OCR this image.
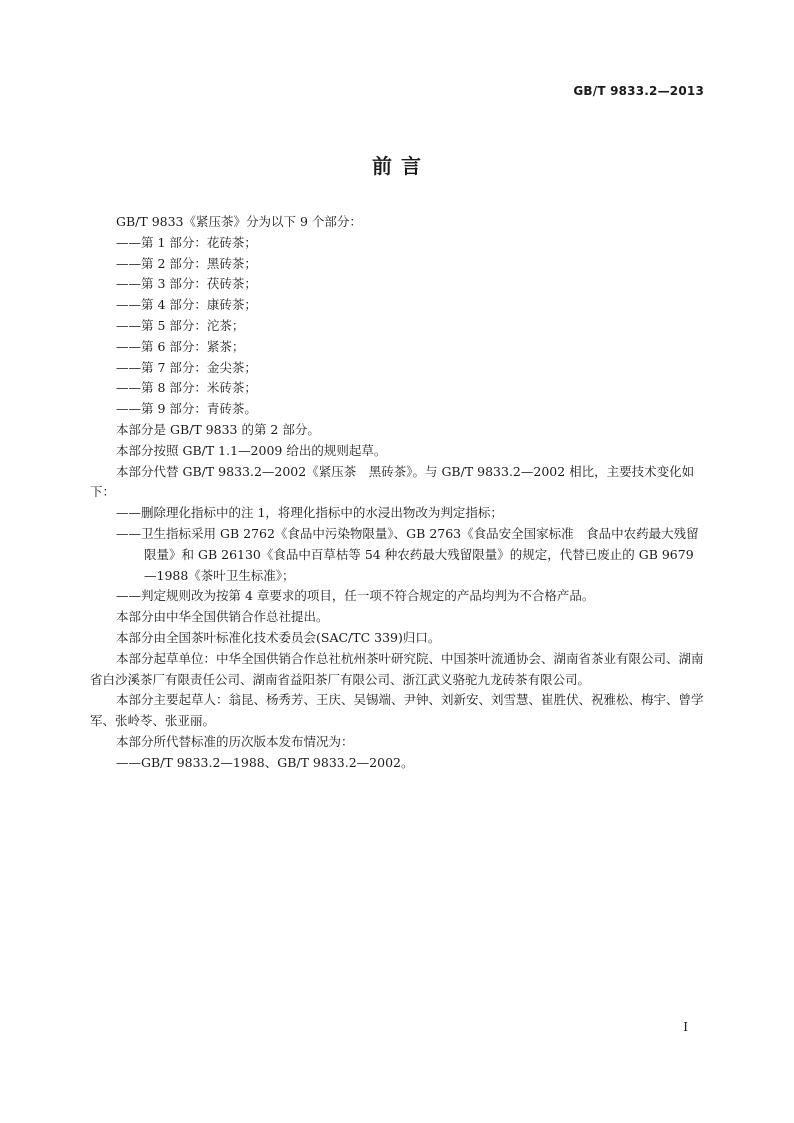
GB/T 9833.2—2013
前 言

GB/T 9833《紧压茶》分为以下 9 个部分：

——第 1 部分：花砖茶；

——第 2 部分：黑砖茶；

——第 3 部分：茯砖茶；

——第 4 部分：康砖茶；

——第 5 部分：沱茶；

——第 6 部分：紧茶；

——第 7 部分：金尖茶；

——第 8 部分：米砖茶；

——第 9 部分：青砖茶。

本部分是 GB/T 9833 的第 2 部分。

本部分按照 GB/T 1.1—2009 给出的规则起草。

本部分代替 GB/T 9833.2—2002《紧压茶　黑砖茶》。与 GB/T 9833.2—2002 相比，主要技术变化如下：

——删除理化指标中的注 1，将理化指标中的水浸出物改为判定指标；

——卫生指标采用 GB 2762《食品中污染物限量》、GB 2763《食品安全国家标准　食品中农药最大残留限量》和 GB 26130《食品中百草枯等 54 种农药最大残留限量》的规定，代替已废止的 GB 9679—1988《茶叶卫生标准》；

——判定规则改为按第 4 章要求的项目，任一项不符合规定的产品均判为不合格产品。

本部分由中华全国供销合作总社提出。

本部分由全国茶叶标准化技术委员会(SAC/TC 339)归口。

本部分起草单位：中华全国供销合作总社杭州茶叶研究院、中国茶叶流通协会、湖南省茶业有限公司、湖南省白沙溪茶厂有限责任公司、湖南省益阳茶厂有限公司、浙江武义骆驼九龙砖茶有限公司。

本部分主要起草人：翁昆、杨秀芳、王庆、吴锡端、尹钟、刘新安、刘雪慧、崔胜伏、祝雅松、梅宇、曾学军、张岭苓、张亚丽。

本部分所代替标准的历次版本发布情况为：

——GB/T 9833.2—1988、GB/T 9833.2—2002。

I
